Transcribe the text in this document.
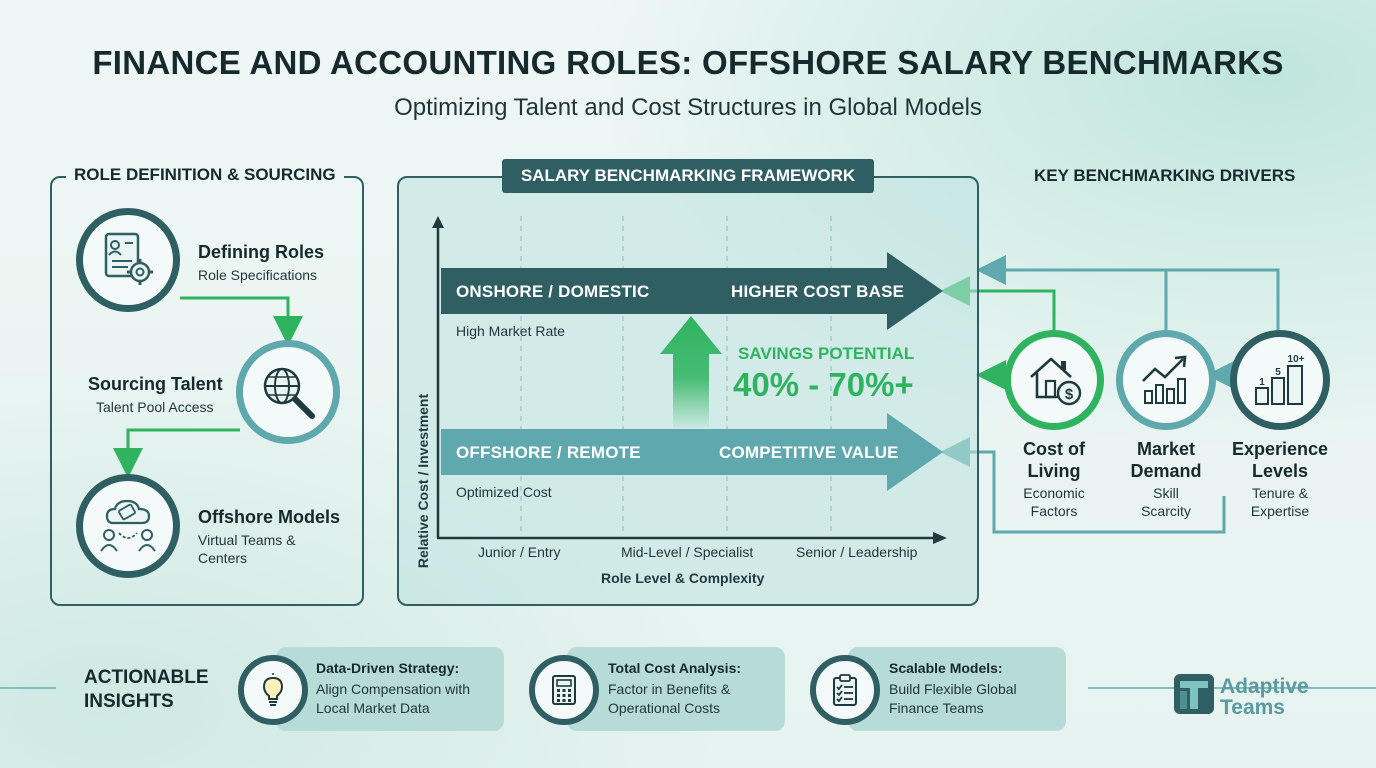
FINANCE AND ACCOUNTING ROLES: OFFSHORE SALARY BENCHMARKS
Optimizing Talent and Cost Structures in Global Models
ROLE DEFINITION & SOURCING
Defining Roles
Role Specifications
Sourcing Talent
Talent Pool Access
Offshore Models
Virtual Teams &
Centers
SALARY BENCHMARKING FRAMEWORK
Relative Cost / Investment
ONSHORE / DOMESTIC	HIGHER COST BASE
High Market Rate
SAVINGS POTENTIAL
40% - 70%+
OFFSHORE / REMOTE	COMPETITIVE VALUE
Optimized Cost
Junior / Entry	Mid-Level / Specialist	Senior / Leadership
Role Level & Complexity
KEY BENCHMARKING DRIVERS
$
1
5
10+
Cost of
Living
Economic
Factors
Market
Demand
Skill
Scarcity
Experience
Levels
Tenure &
Expertise
ACTIONABLE
INSIGHTS
Data-Driven Strategy:
Align Compensation with
Local Market Data
Total Cost Analysis:
Factor in Benefits &
Operational Costs
Scalable Models:
Build Flexible Global
Finance Teams
Adaptive
Teams
